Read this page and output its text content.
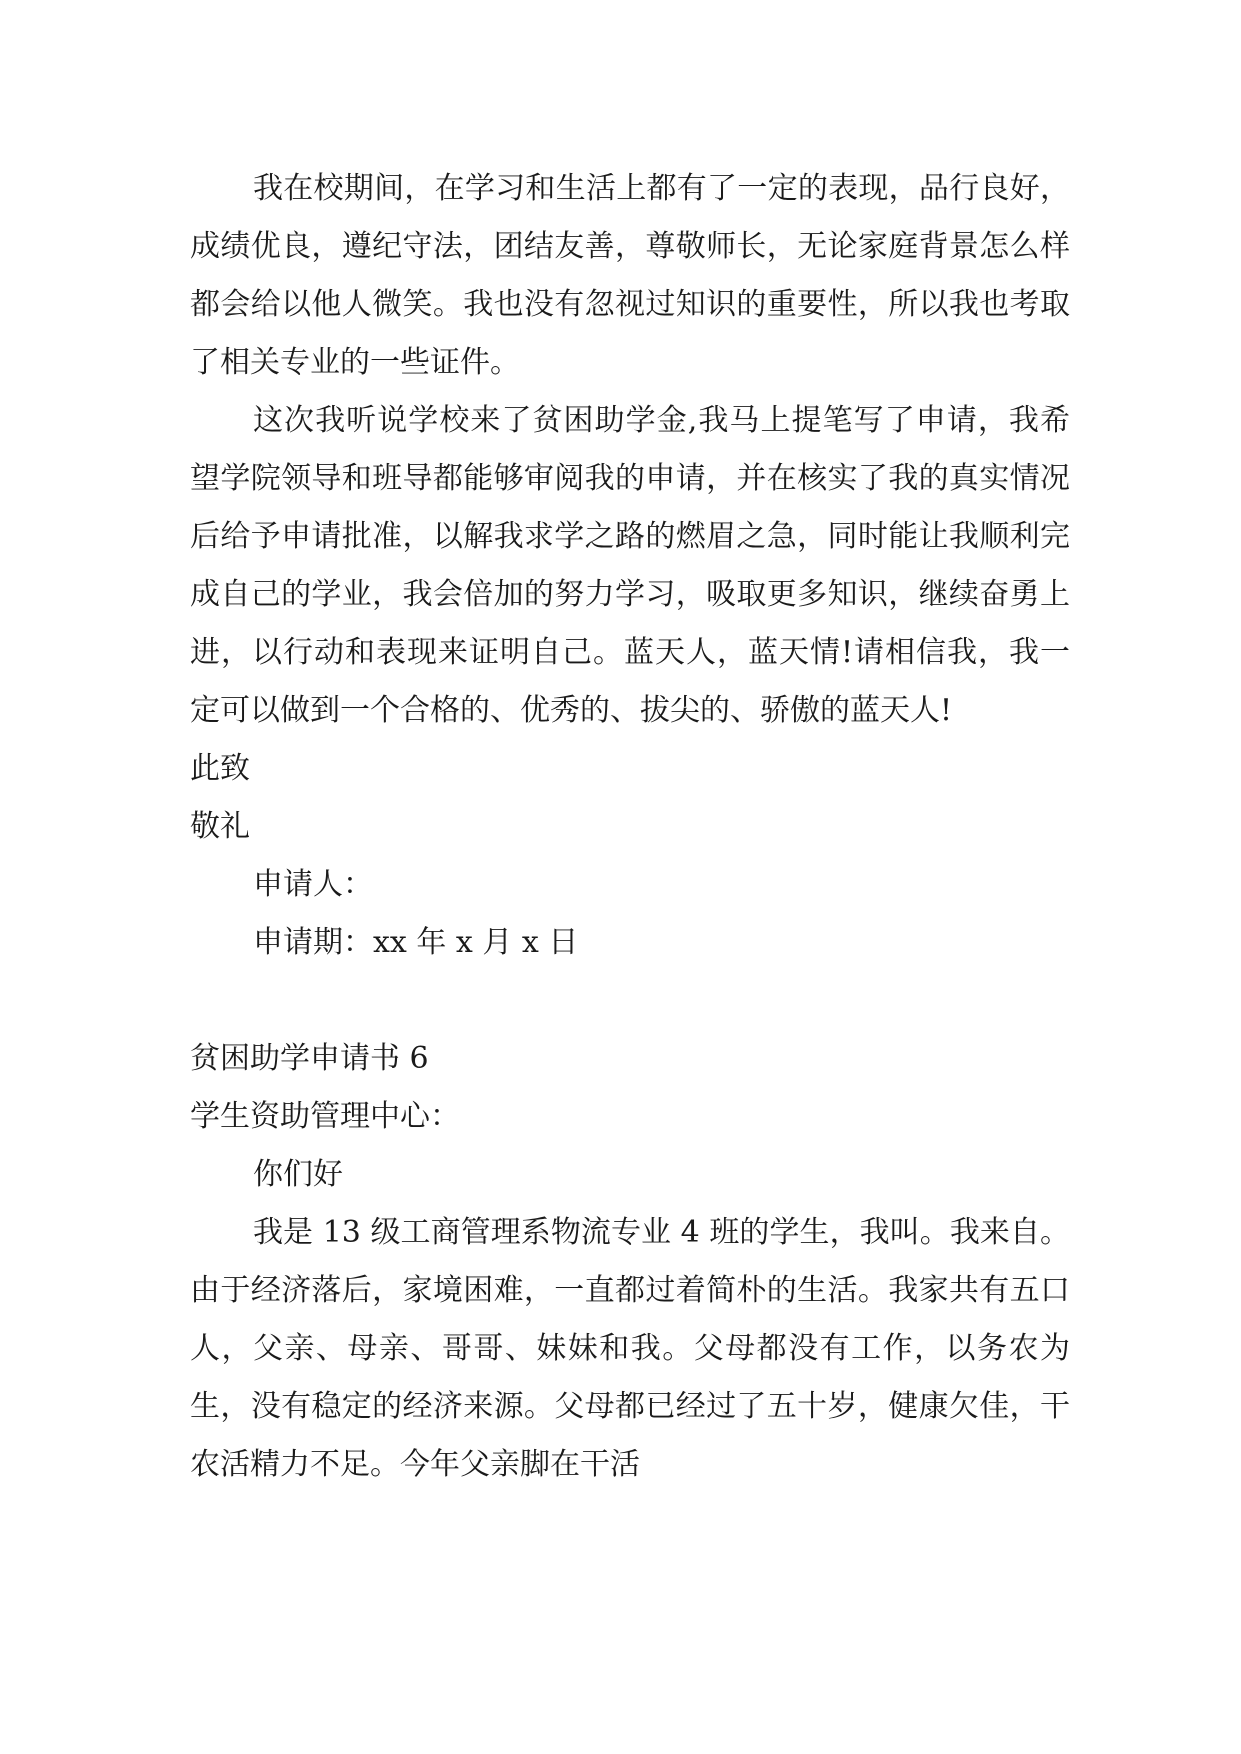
我在校期间，在学习和生活上都有了一定的表现，品行良好，成绩优良，遵纪守法，团结友善，尊敬师长，无论家庭背景怎么样都会给以他人微笑。我也没有忽视过知识的重要性，所以我也考取了相关专业的一些证件。

这次我听说学校来了贫困助学金,我马上提笔写了申请，我希望学院领导和班导都能够审阅我的申请，并在核实了我的真实情况后给予申请批准，以解我求学之路的燃眉之急，同时能让我顺利完成自己的学业，我会倍加的努力学习，吸取更多知识，继续奋勇上进，以行动和表现来证明自己。蓝天人，蓝天情!请相信我，我一定可以做到一个合格的、优秀的、拔尖的、骄傲的蓝天人!

此致

敬礼

申请人：

申请期：xx 年 x 月 x 日

贫困助学申请书 6

学生资助管理中心：

你们好

我是 13 级工商管理系物流专业 4 班的学生，我叫。我来自。由于经济落后，家境困难，一直都过着简朴的生活。我家共有五口人，父亲、母亲、哥哥、妹妹和我。父母都没有工作，以务农为生，没有稳定的经济来源。父母都已经过了五十岁，健康欠佳，干农活精力不足。今年父亲脚在干活
